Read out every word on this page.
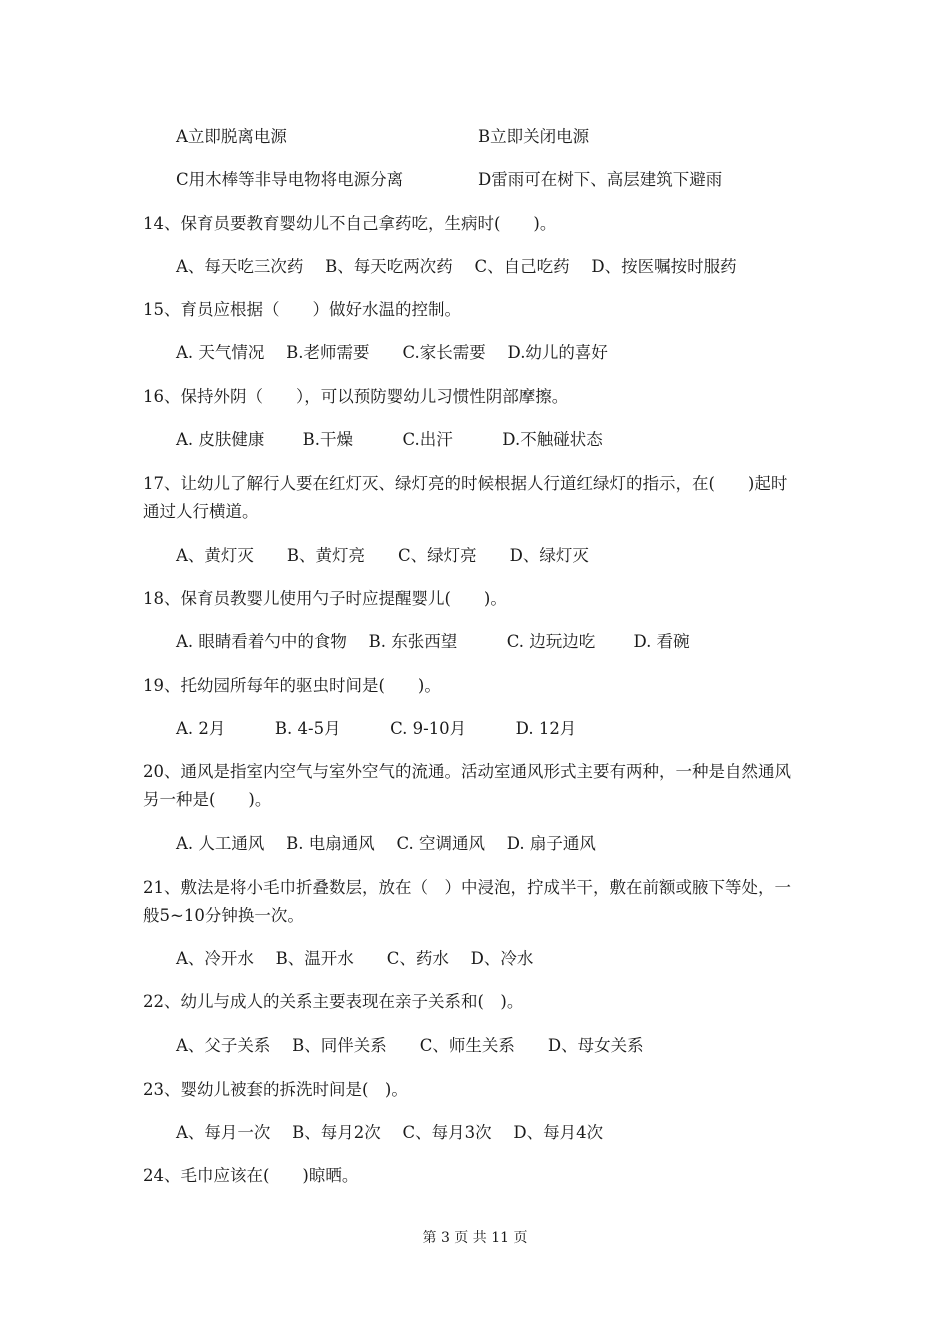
A立即脱离电源	B立即关闭电源
C用木棒等非导电物将电源分离	D雷雨可在树下、高层建筑下避雨
14、保育员要教育婴幼儿不自己拿药吃，生病时(　　)。
A、每天吃三次药　 B、每天吃两次药　 C、自己吃药　 D、按医嘱按时服药
15、育员应根据（　　）做好水温的控制。
A. 天气情况　 B.老师需要　　C.家长需要　 D.幼儿的喜好
16、保持外阴（　　），可以预防婴幼儿习惯性阴部摩擦。
A. 皮肤健康　　 B.干燥　　　C.出汗　　　D.不触碰状态
17、让幼儿了解行人要在红灯灭、绿灯亮的时候根据人行道红绿灯的指示，在(　　)起时
通过人行横道。
A、黄灯灭　　B、黄灯亮　　C、绿灯亮　　D、绿灯灭
18、保育员教婴儿使用勺子时应提醒婴儿(　　)。
A. 眼睛看着勺中的食物　 B. 东张西望　　　C. 边玩边吃　　 D. 看碗
19、托幼园所每年的驱虫时间是(　　)。
A. 2月　　　B. 4-5月　　　C. 9-10月　　　D. 12月
20、通风是指室内空气与室外空气的流通。活动室通风形式主要有两种，一种是自然通风
另一种是(　　)。
A. 人工通风　 B. 电扇通风　 C. 空调通风　 D. 扇子通风
21、敷法是将小毛巾折叠数层，放在（　）中浸泡，拧成半干，敷在前额或腋下等处，一
般5~10分钟换一次。
A、冷开水　 B、温开水　　C、药水　 D、冷水
22、幼儿与成人的关系主要表现在亲子关系和(　)。
A、父子关系　 B、同伴关系　　C、师生关系　　D、母女关系
23、婴幼儿被套的拆洗时间是(　)。
A、每月一次　 B、每月2次　 C、每月3次　 D、每月4次
24、毛巾应该在(　　)晾晒。
第 3 页 共 11 页
